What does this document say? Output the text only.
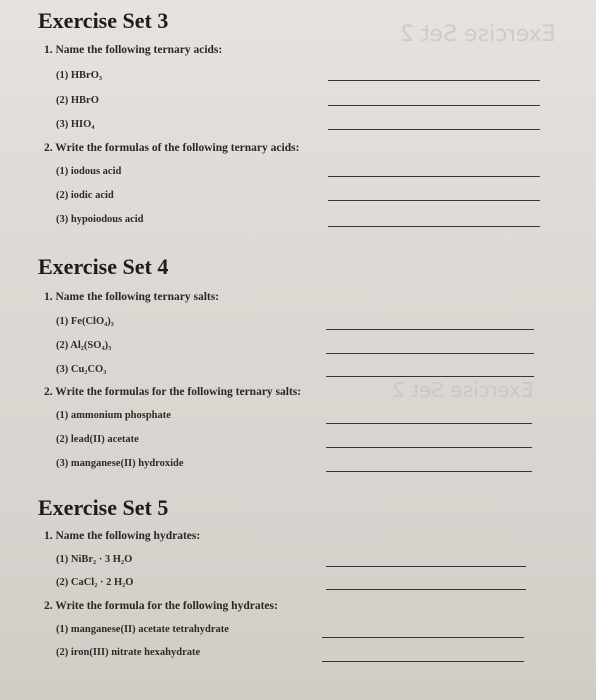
Exercise Set 2
Exercise Set 2
Exercise Set 3
1. Name the following ternary acids:
(1) HBrO₃
(2) HBrO
(3) HIO₄
2. Write the formulas of the following ternary acids:
(1) iodous acid
(2) iodic acid
(3) hypoiodous acid
Exercise Set 4
1. Name the following ternary salts:
(1) Fe(ClO₄)₃
(2) Al₂(SO₄)₃
(3) Cu₂CO₃
2. Write the formulas for the following ternary salts:
(1) ammonium phosphate
(2) lead(II) acetate
(3) manganese(II) hydroxide
Exercise Set 5
1. Name the following hydrates:
(1) NiBr₂ · 3 H₂O
(2) CaCl₂ · 2 H₂O
2. Write the formula for the following hydrates:
(1) manganese(II) acetate tetrahydrate
(2) iron(III) nitrate hexahydrate
